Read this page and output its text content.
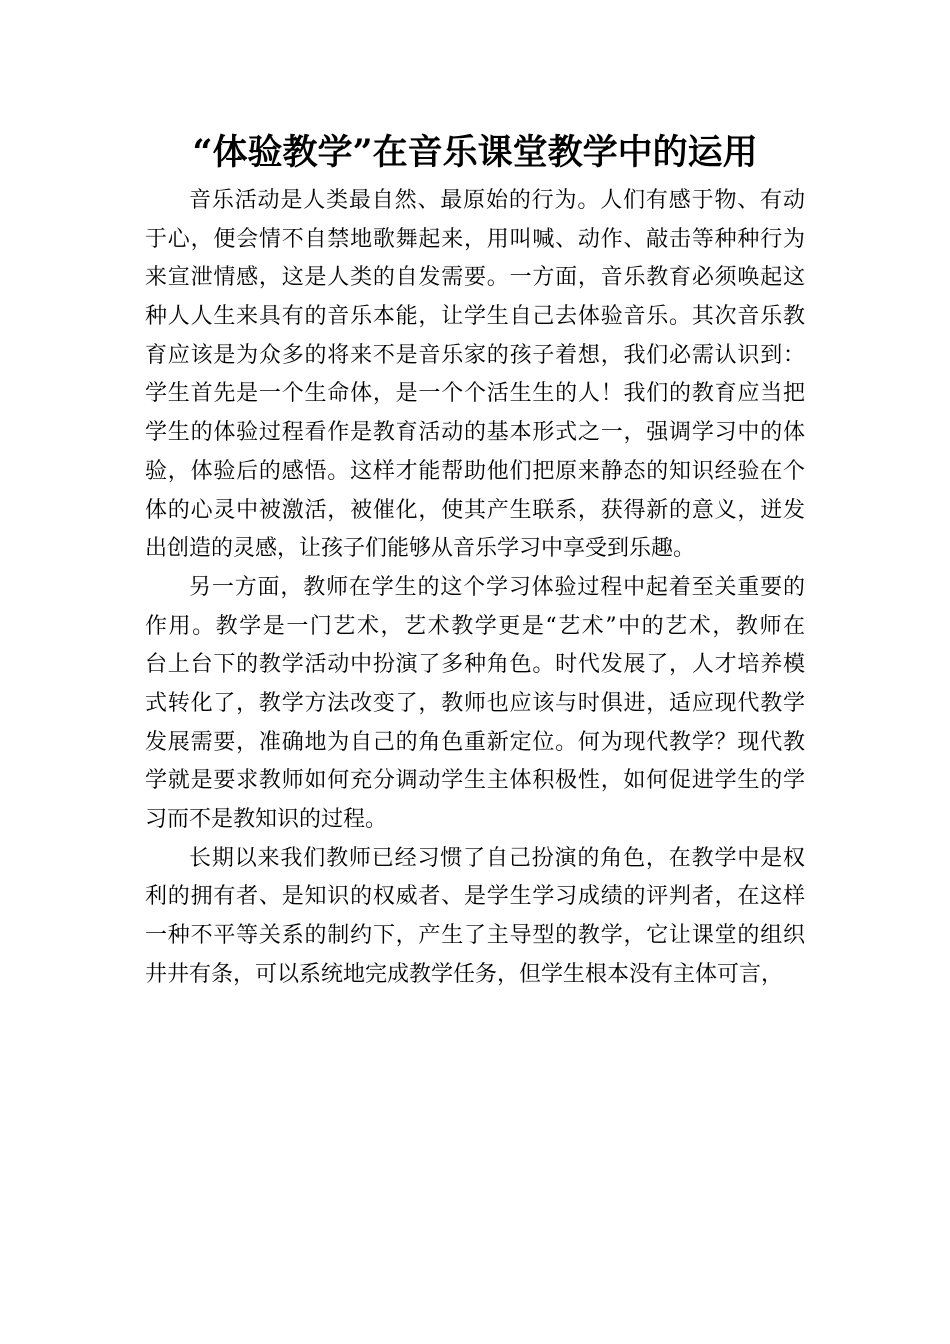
“体验教学”在音乐课堂教学中的运用
音乐活动是人类最自然、最原始的行为。人们有感于物、有动
于心，便会情不自禁地歌舞起来，用叫喊、动作、敲击等种种行为
来宣泄情感，这是人类的自发需要。一方面，音乐教育必须唤起这
种人人生来具有的音乐本能，让学生自己去体验音乐。其次音乐教
育应该是为众多的将来不是音乐家的孩子着想，我们必需认识到：
学生首先是一个生命体，是一个个活生生的人！我们的教育应当把
学生的体验过程看作是教育活动的基本形式之一，强调学习中的体
验，体验后的感悟。这样才能帮助他们把原来静态的知识经验在个
体的心灵中被激活，被催化，使其产生联系，获得新的意义，迸发
出创造的灵感，让孩子们能够从音乐学习中享受到乐趣。
另一方面，教师在学生的这个学习体验过程中起着至关重要的
作用。教学是一门艺术，艺术教学更是“艺术”中的艺术，教师在
台上台下的教学活动中扮演了多种角色。时代发展了，人才培养模
式转化了，教学方法改变了，教师也应该与时俱进，适应现代教学
发展需要，准确地为自己的角色重新定位。何为现代教学？现代教
学就是要求教师如何充分调动学生主体积极性，如何促进学生的学
习而不是教知识的过程。
长期以来我们教师已经习惯了自己扮演的角色，在教学中是权
利的拥有者、是知识的权威者、是学生学习成绩的评判者，在这样
一种不平等关系的制约下，产生了主导型的教学，它让课堂的组织
井井有条，可以系统地完成教学任务，但学生根本没有主体可言，
